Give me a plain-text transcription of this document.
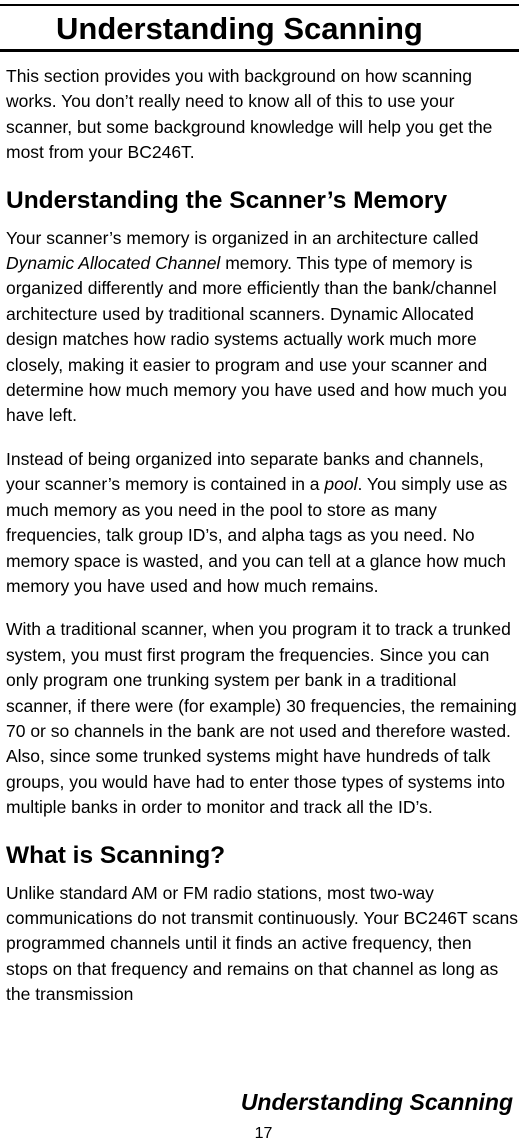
Understanding Scanning

This section provides you with background on how scanning works. You don’t really need to know all of this to use your scanner, but some background knowledge will help you get the most from your BC246T.

Understanding the Scanner’s Memory

Your scanner’s memory is organized in an architecture called Dynamic Allocated Channel memory. This type of memory is organized differently and more efficiently than the bank/channel architecture used by traditional scanners. Dynamic Allocated design matches how radio systems actually work much more closely, making it easier to program and use your scanner and determine how much memory you have used and how much you have left.

Instead of being organized into separate banks and channels, your scanner’s memory is contained in a pool. You simply use as much memory as you need in the pool to store as many frequencies, talk group ID’s, and alpha tags as you need. No memory space is wasted, and you can tell at a glance how much memory you have used and how much remains.

With a traditional scanner, when you program it to track a trunked system, you must first program the frequencies. Since you can only program one trunking system per bank in a traditional scanner, if there were (for example) 30 frequencies, the remaining 70 or so channels in the bank are not used and therefore wasted. Also, since some trunked systems might have hundreds of talk groups, you would have had to enter those types of systems into multiple banks in order to monitor and track all the ID’s.

What is Scanning?

Unlike standard AM or FM radio stations, most two-way communications do not transmit continuously. Your BC246T scans programmed channels until it finds an active frequency, then stops on that frequency and remains on that channel as long as the transmission

Understanding Scanning
17
